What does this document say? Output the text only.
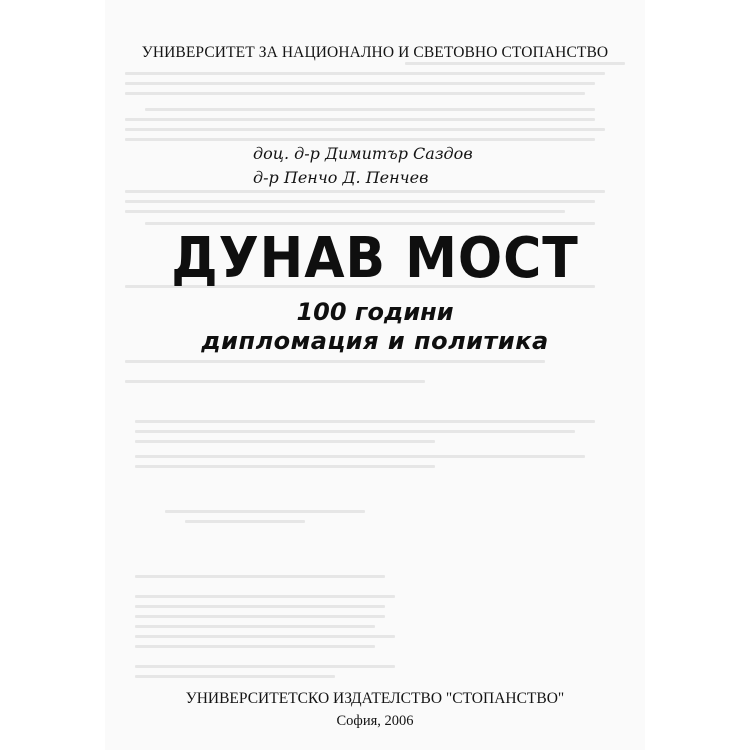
УНИВЕРСИТЕТ ЗА НАЦИОНАЛНО И СВЕТОВНО СТОПАНСТВО
доц. д-р Димитър Саздов
д-р Пенчо Д. Пенчев
ДУНАВ МОСТ
100 години
дипломация и политика
УНИВЕРСИТЕТСКО ИЗДАТЕЛСТВО "СТОПАНСТВО"
София, 2006
